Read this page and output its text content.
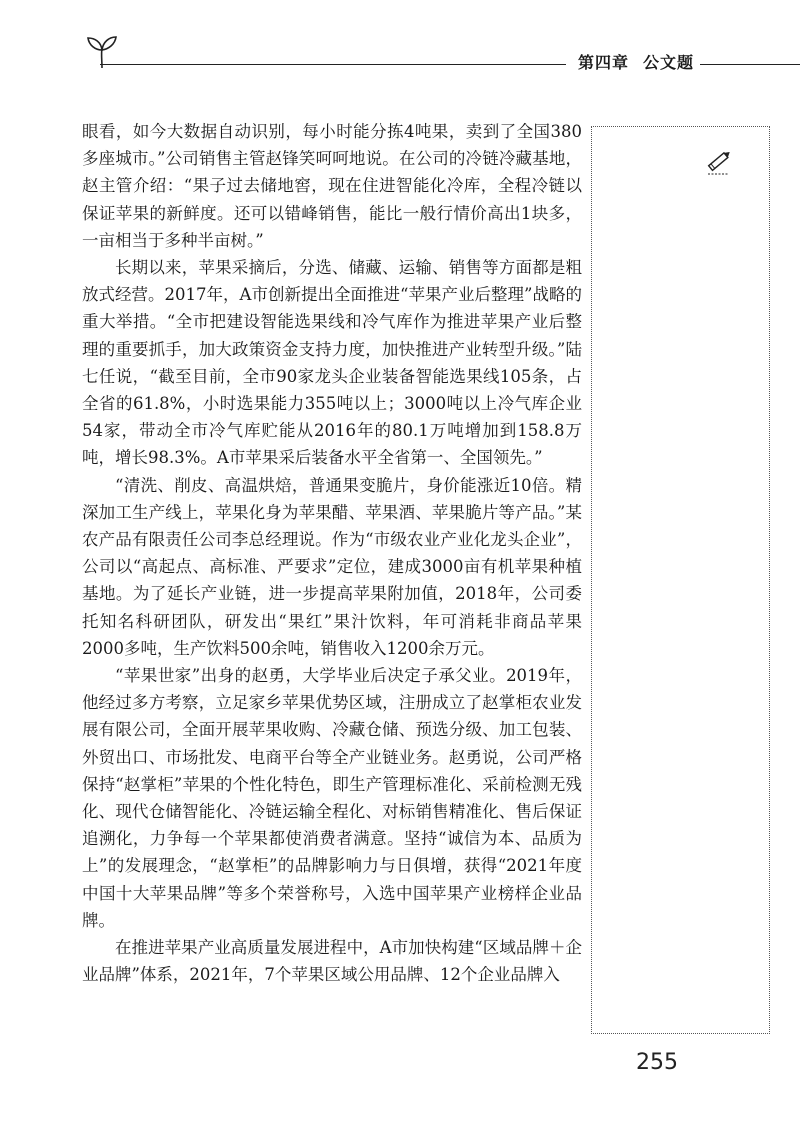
第四章 公文题

眼看，如今大数据自动识别，每小时能分拣4吨果，卖到了全国380多座城市。”公司销售主管赵锋笑呵呵地说。在公司的冷链冷藏基地，赵主管介绍：“果子过去储地窖，现在住进智能化冷库，全程冷链以保证苹果的新鲜度。还可以错峰销售，能比一般行情价高出1块多，一亩相当于多种半亩树。”

长期以来，苹果采摘后，分选、储藏、运输、销售等方面都是粗放式经营。2017年，A市创新提出全面推进“苹果产业后整理”战略的重大举措。“全市把建设智能选果线和冷气库作为推进苹果产业后整理的重要抓手，加大政策资金支持力度，加快推进产业转型升级。”陆七任说，“截至目前，全市90家龙头企业装备智能选果线105条，占全省的61.8%，小时选果能力355吨以上；3000吨以上冷气库企业54家，带动全市冷气库贮能从2016年的80.1万吨增加到158.8万吨，增长98.3%。A市苹果采后装备水平全省第一、全国领先。”

“清洗、削皮、高温烘焙，普通果变脆片，身价能涨近10倍。精深加工生产线上，苹果化身为苹果醋、苹果酒、苹果脆片等产品。”某农产品有限责任公司李总经理说。作为“市级农业产业化龙头企业”，公司以“高起点、高标准、严要求”定位，建成3000亩有机苹果种植基地。为了延长产业链，进一步提高苹果附加值，2018年，公司委托知名科研团队，研发出“果红”果汁饮料，年可消耗非商品苹果2000多吨，生产饮料500余吨，销售收入1200余万元。

“苹果世家”出身的赵勇，大学毕业后决定子承父业。2019年，他经过多方考察，立足家乡苹果优势区域，注册成立了赵掌柜农业发展有限公司，全面开展苹果收购、冷藏仓储、预选分级、加工包装、外贸出口、市场批发、电商平台等全产业链业务。赵勇说，公司严格保持“赵掌柜”苹果的个性化特色，即生产管理标准化、采前检测无残化、现代仓储智能化、冷链运输全程化、对标销售精准化、售后保证追溯化，力争每一个苹果都使消费者满意。坚持“诚信为本、品质为上”的发展理念，“赵掌柜”的品牌影响力与日俱增，获得“2021年度中国十大苹果品牌”等多个荣誉称号，入选中国苹果产业榜样企业品牌。

在推进苹果产业高质量发展进程中，A市加快构建“区域品牌＋企业品牌”体系，2021年，7个苹果区域公用品牌、12个企业品牌入

255
